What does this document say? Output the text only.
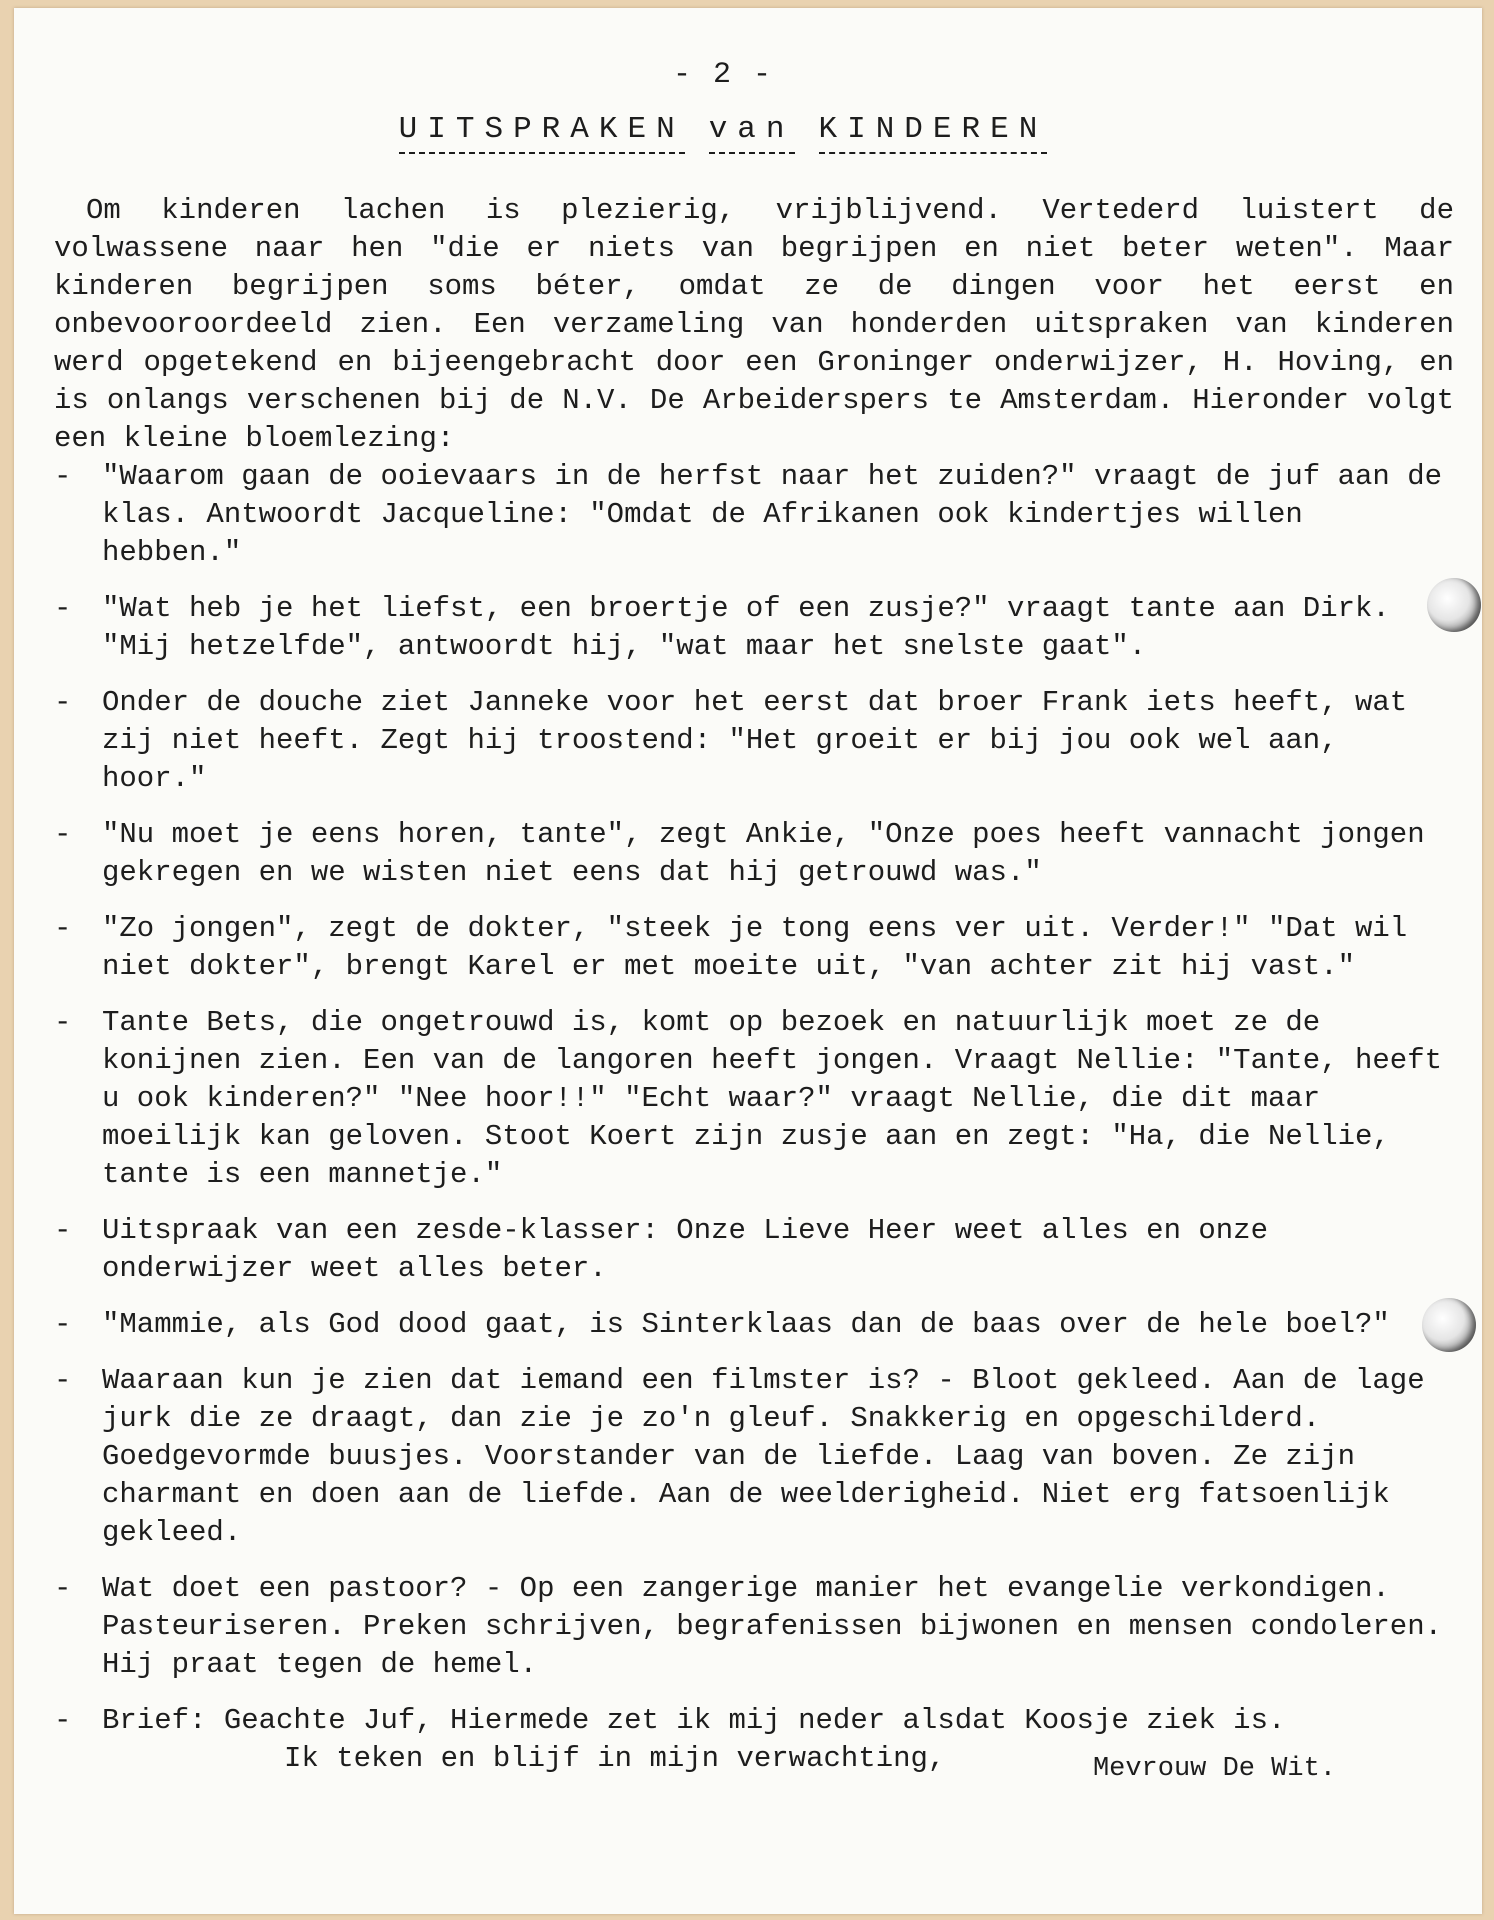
- 2 -
UITSPRAKEN van KINDEREN

Om kinderen lachen is plezierig, vrijblijvend. Vertederd luistert de volwassene naar hen "die er niets van begrijpen en niet beter weten". Maar kinderen begrijpen soms béter, omdat ze de dingen voor het eerst en onbevooroordeeld zien. Een verzameling van honderden uitspraken van kinderen werd opgetekend en bijeengebracht door een Groninger onderwijzer, H. Hoving, en is onlangs verschenen bij de N.V. De Arbeiderspers te Amsterdam. Hieronder volgt een kleine bloemlezing:

- "Waarom gaan de ooievaars in de herfst naar het zuiden?" vraagt de juf aan de klas. Antwoordt Jacqueline: "Omdat de Afrikanen ook kindertjes willen hebben."
- "Wat heb je het liefst, een broertje of een zusje?" vraagt tante aan Dirk. "Mij hetzelfde", antwoordt hij, "wat maar het snelste gaat".
- Onder de douche ziet Janneke voor het eerst dat broer Frank iets heeft, wat zij niet heeft. Zegt hij troostend: "Het groeit er bij jou ook wel aan, hoor."
- "Nu moet je eens horen, tante", zegt Ankie, "Onze poes heeft vannacht jongen gekregen en we wisten niet eens dat hij getrouwd was."
- "Zo jongen", zegt de dokter, "steek je tong eens ver uit. Verder!" "Dat wil niet dokter", brengt Karel er met moeite uit, "van achter zit hij vast."
- Tante Bets, die ongetrouwd is, komt op bezoek en natuurlijk moet ze de konijnen zien. Een van de langoren heeft jongen. Vraagt Nellie: "Tante, heeft u ook kinderen?" "Nee hoor!!" "Echt waar?" vraagt Nellie, die dit maar moeilijk kan geloven. Stoot Koert zijn zusje aan en zegt: "Ha, die Nellie, tante is een mannetje."
- Uitspraak van een zesde-klasser: Onze Lieve Heer weet alles en onze onderwijzer weet alles beter.
- "Mammie, als God dood gaat, is Sinterklaas dan de baas over de hele boel?"
- Waaraan kun je zien dat iemand een filmster is? - Bloot gekleed. Aan de lage jurk die ze draagt, dan zie je zo'n gleuf. Snakkerig en opgeschilderd. Goedgevormde buusjes. Voorstander van de liefde. Laag van boven. Ze zijn charmant en doen aan de liefde. Aan de weelderigheid. Niet erg fatsoenlijk gekleed.
- Wat doet een pastoor? - Op een zangerige manier het evangelie verkondigen. Pasteuriseren. Preken schrijven, begrafenissen bijwonen en mensen condoleren. Hij praat tegen de hemel.
- Brief: Geachte Juf, Hiermede zet ik mij neder alsdat Koosje ziek is.
Ik teken en blijf in mijn verwachting,	Mevrouw De Wit.
